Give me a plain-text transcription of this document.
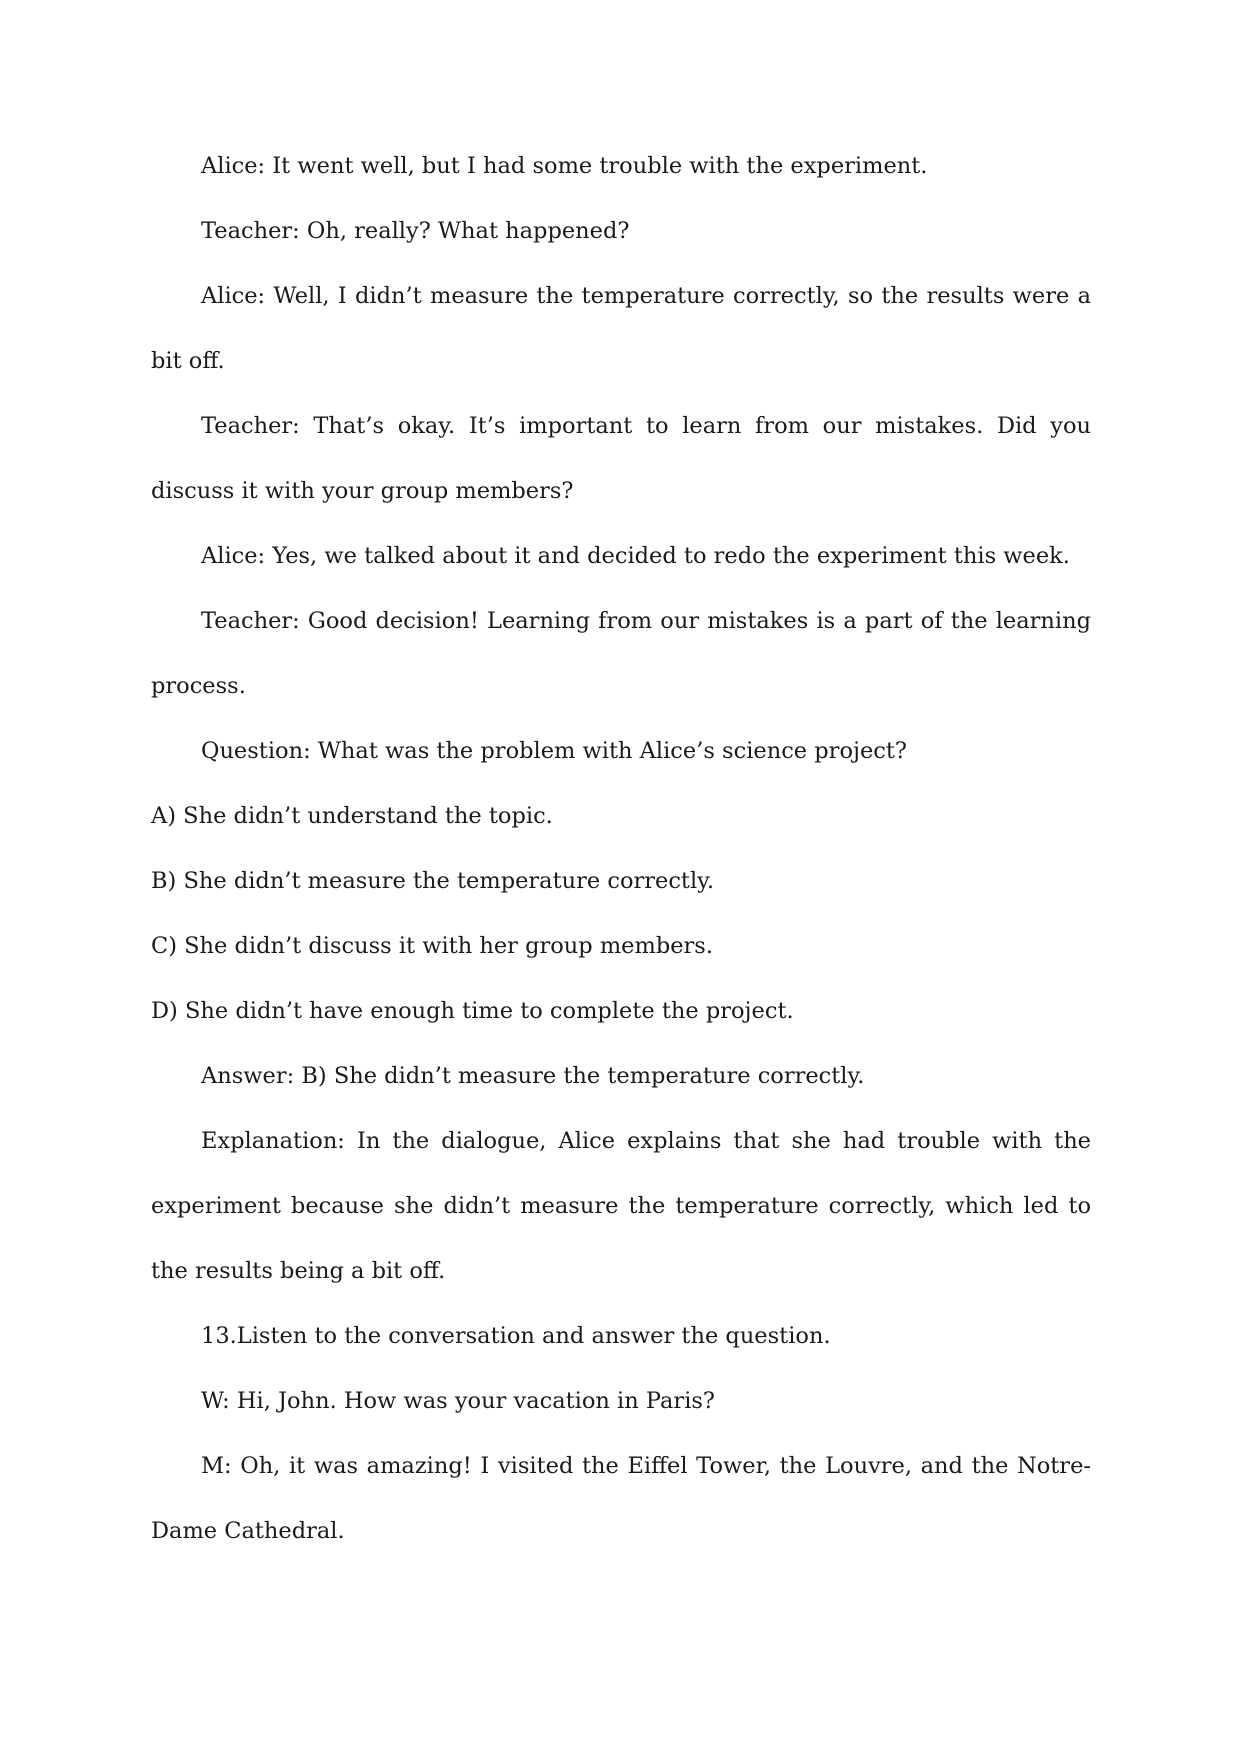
Alice: It went well, but I had some trouble with the experiment.

Teacher: Oh, really? What happened?

Alice: Well, I didn’t measure the temperature correctly, so the results were a bit off.

Teacher: That’s okay. It’s important to learn from our mistakes. Did you discuss it with your group members?

Alice: Yes, we talked about it and decided to redo the experiment this week.

Teacher: Good decision! Learning from our mistakes is a part of the learning process.

Question: What was the problem with Alice’s science project?

A) She didn’t understand the topic.

B) She didn’t measure the temperature correctly.

C) She didn’t discuss it with her group members.

D) She didn’t have enough time to complete the project.

Answer: B) She didn’t measure the temperature correctly.

Explanation: In the dialogue, Alice explains that she had trouble with the experiment because she didn’t measure the temperature correctly, which led to the results being a bit off.

13.Listen to the conversation and answer the question.

W: Hi, John. How was your vacation in Paris?

M: Oh, it was amazing! I visited the Eiffel Tower, the Louvre, and the Notre-Dame Cathedral.
